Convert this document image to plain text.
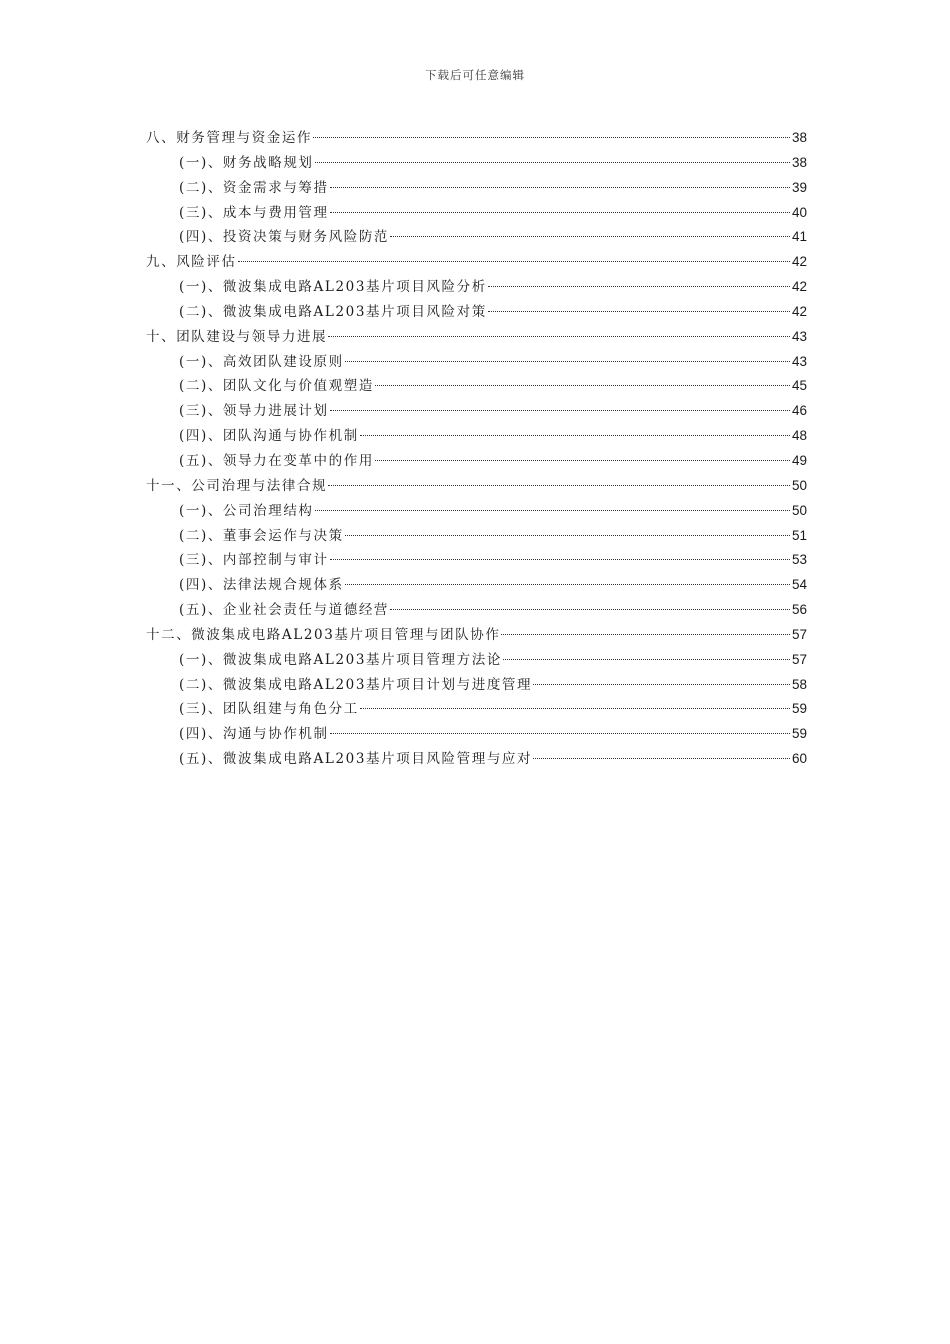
下载后可任意编辑
八、财务管理与资金运作	38
(一)、财务战略规划	38
(二)、资金需求与筹措	39
(三)、成本与费用管理	40
(四)、投资决策与财务风险防范	41
九、风险评估	42
(一)、微波集成电路AL203基片项目风险分析	42
(二)、微波集成电路AL203基片项目风险对策	42
十、团队建设与领导力进展	43
(一)、高效团队建设原则	43
(二)、团队文化与价值观塑造	45
(三)、领导力进展计划	46
(四)、团队沟通与协作机制	48
(五)、领导力在变革中的作用	49
十一、公司治理与法律合规	50
(一)、公司治理结构	50
(二)、董事会运作与决策	51
(三)、内部控制与审计	53
(四)、法律法规合规体系	54
(五)、企业社会责任与道德经营	56
十二、微波集成电路AL203基片项目管理与团队协作	57
(一)、微波集成电路AL203基片项目管理方法论	57
(二)、微波集成电路AL203基片项目计划与进度管理	58
(三)、团队组建与角色分工	59
(四)、沟通与协作机制	59
(五)、微波集成电路AL203基片项目风险管理与应对	60
